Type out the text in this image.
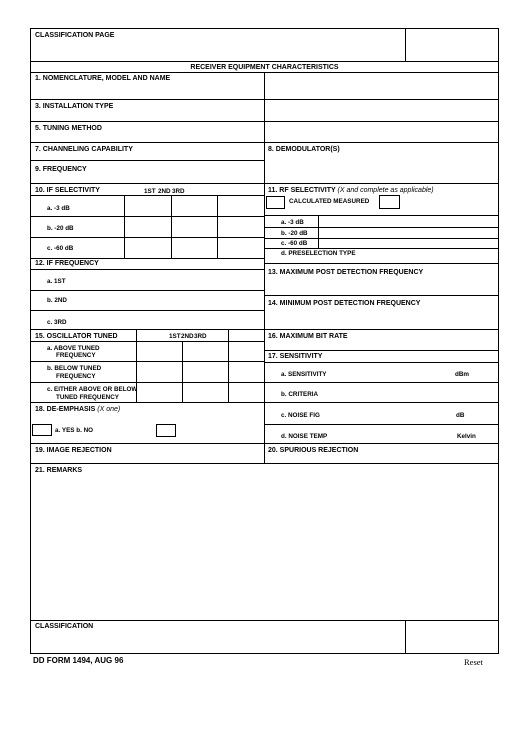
CLASSIFICATION PAGE
RECEIVER EQUIPMENT CHARACTERISTICS
1. NOMENCLATURE, MODEL AND NAME
3. INSTALLATION TYPE
5. TUNING METHOD
7. CHANNELING CAPABILITY	8. DEMODULATOR(S)
9. FREQUENCY
10. IF SELECTIVITY	1ST 2ND 3RD
a. -3 dB
b. -20 dB
c. -60 dB
11. RF SELECTIVITY (X and complete as applicable)
CALCULATED MEASURED
a. -3 dB
b. -20 dB
c. -60 dB
d. PRESELECTION TYPE
12. IF FREQUENCY
a. 1ST
b. 2ND
c. 3RD
13. MAXIMUM POST DETECTION FREQUENCY
14. MINIMUM POST DETECTION FREQUENCY
15. OSCILLATOR TUNED	1ST 2ND 3RD
a. ABOVE TUNED
FREQUENCY
b. BELOW TUNED
FREQUENCY
c. EITHER ABOVE OR BELOW
TUNED FREQUENCY
16. MAXIMUM BIT RATE
17. SENSITIVITY
a. SENSITIVITY	dBm
b. CRITERIA
c. NOISE FIG	dB
d. NOISE TEMP	Kelvin
18. DE-EMPHASIS (X one)
a. YES b. NO
19. IMAGE REJECTION	20. SPURIOUS REJECTION
21. REMARKS
CLASSIFICATION
DD FORM 1494, AUG 96	Reset
